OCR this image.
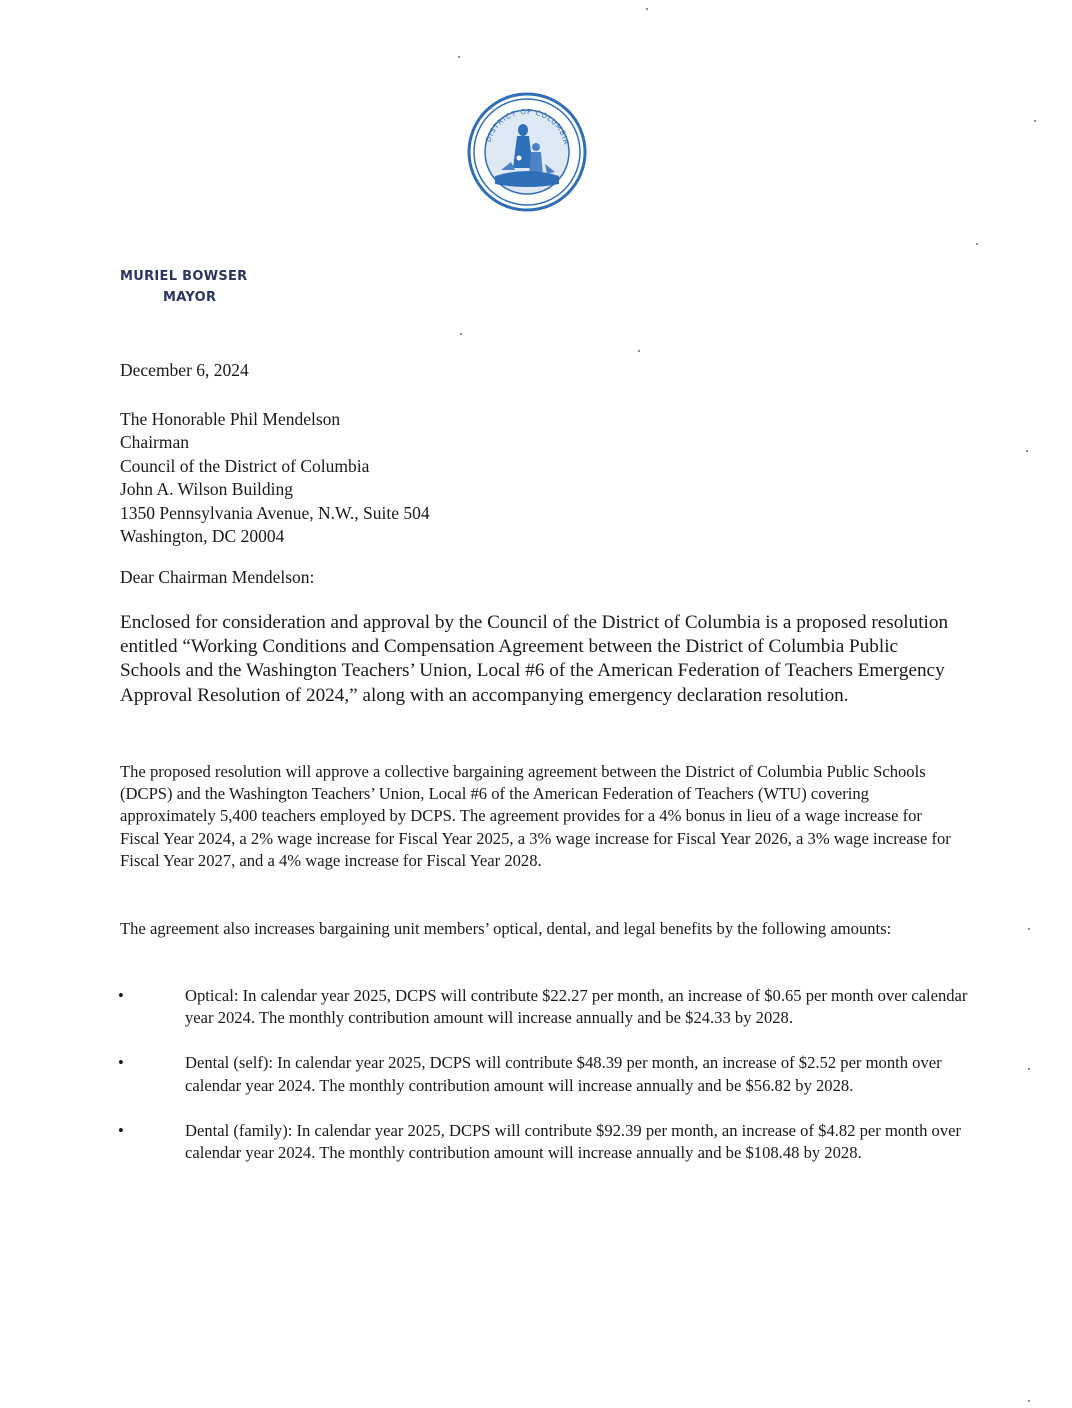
DISTRICT OF COLUMBIA
MURIEL BOWSER
MAYOR
December 6, 2024
The Honorable Phil Mendelson
Chairman
Council of the District of Columbia
John A. Wilson Building
1350 Pennsylvania Avenue, N.W., Suite 504
Washington, DC 20004
Dear Chairman Mendelson:
Enclosed for consideration and approval by the Council of the District of Columbia is a proposed resolution entitled “Working Conditions and Compensation Agreement between the District of Columbia Public Schools and the Washington Teachers’ Union, Local #6 of the American Federation of Teachers Emergency Approval Resolution of 2024,” along with an accompanying emergency declaration resolution.
The proposed resolution will approve a collective bargaining agreement between the District of Columbia Public Schools (DCPS) and the Washington Teachers’ Union, Local #6 of the American Federation of Teachers (WTU) covering approximately 5,400 teachers employed by DCPS. The agreement provides for a 4% bonus in lieu of a wage increase for Fiscal Year 2024, a 2% wage increase for Fiscal Year 2025, a 3% wage increase for Fiscal Year 2026, a 3% wage increase for Fiscal Year 2027, and a 4% wage increase for Fiscal Year 2028.
The agreement also increases bargaining unit members’ optical, dental, and legal benefits by the following amounts:
•	Optical: In calendar year 2025, DCPS will contribute $22.27 per month, an increase of $0.65 per month over calendar year 2024. The monthly contribution amount will increase annually and be $24.33 by 2028.
•	Dental (self): In calendar year 2025, DCPS will contribute $48.39 per month, an increase of $2.52 per month over calendar year 2024. The monthly contribution amount will increase annually and be $56.82 by 2028.
•	Dental (family): In calendar year 2025, DCPS will contribute $92.39 per month, an increase of $4.82 per month over calendar year 2024. The monthly contribution amount will increase annually and be $108.48 by 2028.
